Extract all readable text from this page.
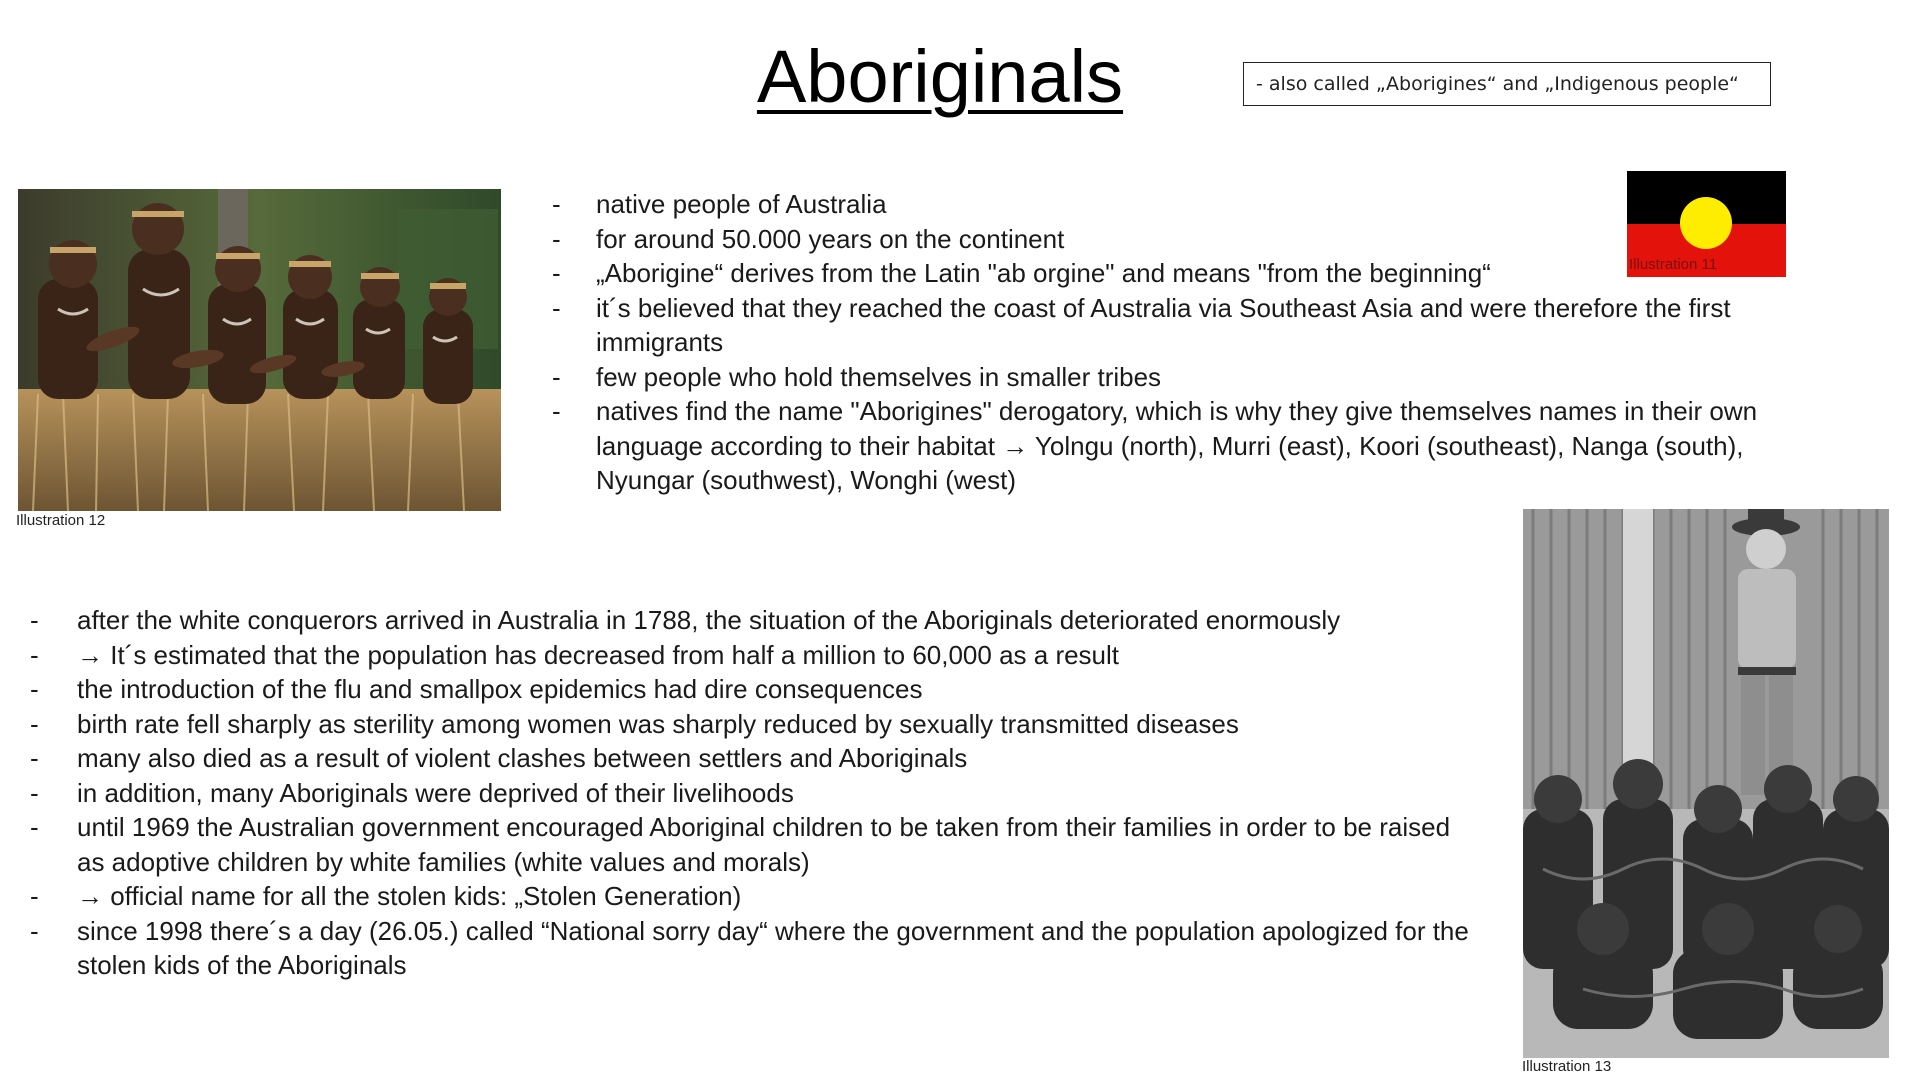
Aboriginals	- also called „Aborigines“ and „Indigenous people“
Illustration 12
Illustration 11
Illustration 13
- native people of Australia
- for around 50.000 years on the continent
- „Aborigine“ derives from the Latin "ab orgine" and means "from the beginning“
- it´s believed that they reached the coast of Australia via Southeast Asia and were therefore the first immigrants
- few people who hold themselves in smaller tribes
- natives find the name "Aborigines" derogatory, which is why they give themselves names in their own language according to their habitat → Yolngu (north), Murri (east), Koori (southeast), Nanga (south), Nyungar (southwest), Wonghi (west)
- after the white conquerors arrived in Australia in 1788, the situation of the Aboriginals deteriorated enormously
- → It´s estimated that the population has decreased from half a million to 60,000 as a result
- the introduction of the flu and smallpox epidemics had dire consequences
- birth rate fell sharply as sterility among women was sharply reduced by sexually transmitted diseases
- many also died as a result of violent clashes between settlers and Aboriginals
- in addition, many Aboriginals were deprived of their livelihoods
- until 1969 the Australian government encouraged Aboriginal children to be taken from their families in order to be raised as adoptive children by white families (white values and morals)
- → official name for all the stolen kids: „Stolen Generation)
- since 1998 there´s a day (26.05.) called “National sorry day“ where the government and the population apologized for the stolen kids of the Aboriginals
